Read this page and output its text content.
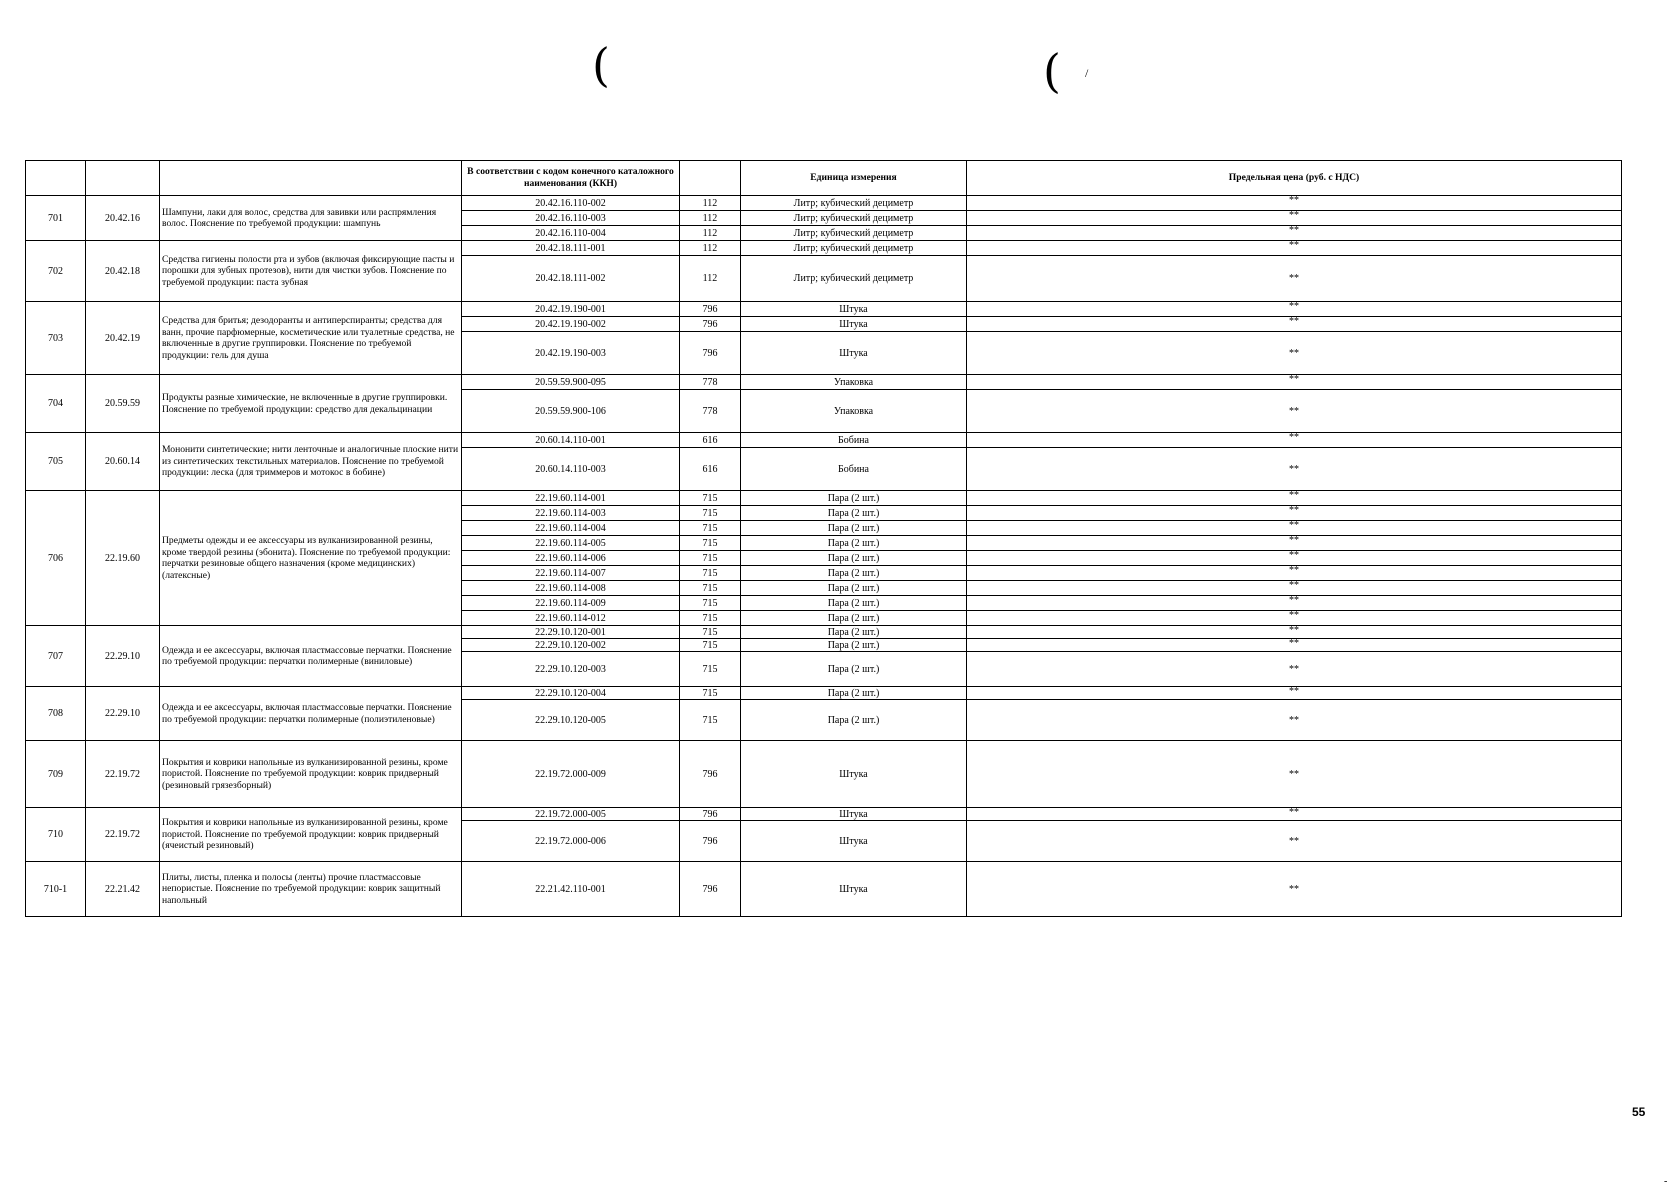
(	( /
			В соответствии с кодом конечного каталожного наименования (ККН)		Единица измерения	Предельная цена (руб. с НДС)
701	20.42.16	Шампуни, лаки для волос, средства для завивки или распрямления волос. Пояснение по требуемой продукции: шампунь	20.42.16.110-002	112	Литр; кубический дециметр	**
			20.42.16.110-003	112	Литр; кубический дециметр	**
			20.42.16.110-004	112	Литр; кубический дециметр	**
702	20.42.18	Средства гигиены полости рта и зубов (включая фиксирующие пасты и порошки для зубных протезов), нити для чистки зубов. Пояснение по требуемой продукции: паста зубная	20.42.18.111-001	112	Литр; кубический дециметр	**
			20.42.18.111-002	112	Литр; кубический дециметр	**
703	20.42.19	Средства для бритья; дезодоранты и антиперспиранты; средства для ванн, прочие парфюмерные, косметические или туалетные средства, не включенные в другие группировки. Пояснение по требуемой продукции: гель для душа	20.42.19.190-001	796	Штука	**
			20.42.19.190-002	796	Штука	**
			20.42.19.190-003	796	Штука	**
704	20.59.59	Продукты разные химические, не включенные в другие группировки. Пояснение по требуемой продукции: средство для декальцинации	20.59.59.900-095	778	Упаковка	**
			20.59.59.900-106	778	Упаковка	**
705	20.60.14	Мононити синтетические; нити ленточные и аналогичные плоские нити из синтетических текстильных материалов. Пояснение по требуемой продукции: леска (для триммеров и мотокос в бобине)	20.60.14.110-001	616	Бобина	**
			20.60.14.110-003	616	Бобина	**
706	22.19.60	Предметы одежды и ее аксессуары из вулканизированной резины, кроме твердой резины (эбонита). Пояснение по требуемой продукции: перчатки резиновые общего назначения (кроме медицинских) (латексные)	22.19.60.114-001	715	Пара (2 шт.)	**
			22.19.60.114-003	715	Пара (2 шт.)	**
			22.19.60.114-004	715	Пара (2 шт.)	**
			22.19.60.114-005	715	Пара (2 шт.)	**
			22.19.60.114-006	715	Пара (2 шт.)	**
			22.19.60.114-007	715	Пара (2 шт.)	**
			22.19.60.114-008	715	Пара (2 шт.)	**
			22.19.60.114-009	715	Пара (2 шт.)	**
			22.19.60.114-012	715	Пара (2 шт.)	**
707	22.29.10	Одежда и ее аксессуары, включая пластмассовые перчатки. Пояснение по требуемой продукции: перчатки полимерные (виниловые)	22.29.10.120-001	715	Пара (2 шт.)	**
			22.29.10.120-002	715	Пара (2 шт.)	**
			22.29.10.120-003	715	Пара (2 шт.)	**
708	22.29.10	Одежда и ее аксессуары, включая пластмассовые перчатки. Пояснение по требуемой продукции: перчатки полимерные (полиэтиленовые)	22.29.10.120-004	715	Пара (2 шт.)	**
			22.29.10.120-005	715	Пара (2 шт.)	**
709	22.19.72	Покрытия и коврики напольные из вулканизированной резины, кроме пористой. Пояснение по требуемой продукции: коврик придверный (резиновый грязезборный)	22.19.72.000-009	796	Штука	**
710	22.19.72	Покрытия и коврики напольные из вулканизированной резины, кроме пористой. Пояснение по требуемой продукции: коврик придверный (ячеистый резиновый)	22.19.72.000-005	796	Штука	**
			22.19.72.000-006	796	Штука	**
710-1	22.21.42	Плиты, листы, пленка и полосы (ленты) прочие пластмассовые непористые. Пояснение по требуемой продукции: коврик защитный напольный	22.21.42.110-001	796	Штука	**
55
-
